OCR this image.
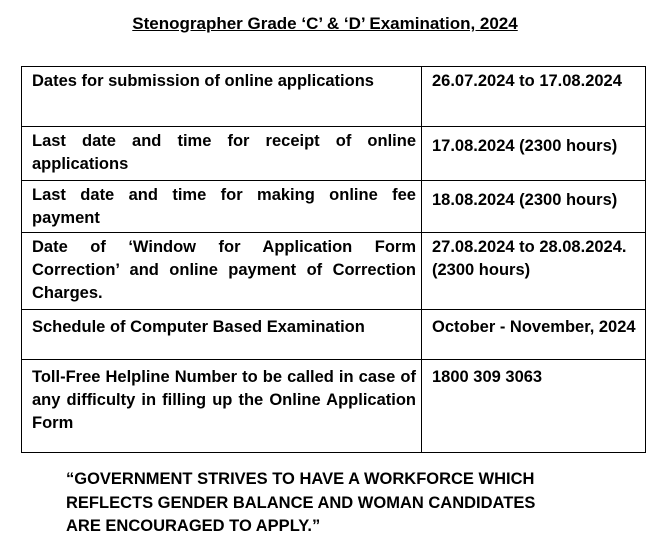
Stenographer Grade ‘C’ & ‘D’ Examination, 2024
Dates for submission of online applications	26.07.2024 to 17.08.2024
Last date and time for receipt of online applications	17.08.2024 (2300 hours)
Last date and time for making online fee payment	18.08.2024 (2300 hours)
Date of ‘Window for Application Form Correction’ and online payment of Correction Charges.	27.08.2024 to 28.08.2024. (2300 hours)
Schedule of Computer Based Examination	October - November, 2024
Toll-Free Helpline Number to be called in case of any difficulty in filling up the Online Application Form	1800 309 3063
“GOVERNMENT STRIVES TO HAVE A WORKFORCE WHICH
REFLECTS GENDER BALANCE AND WOMAN CANDIDATES
ARE ENCOURAGED TO APPLY.”
